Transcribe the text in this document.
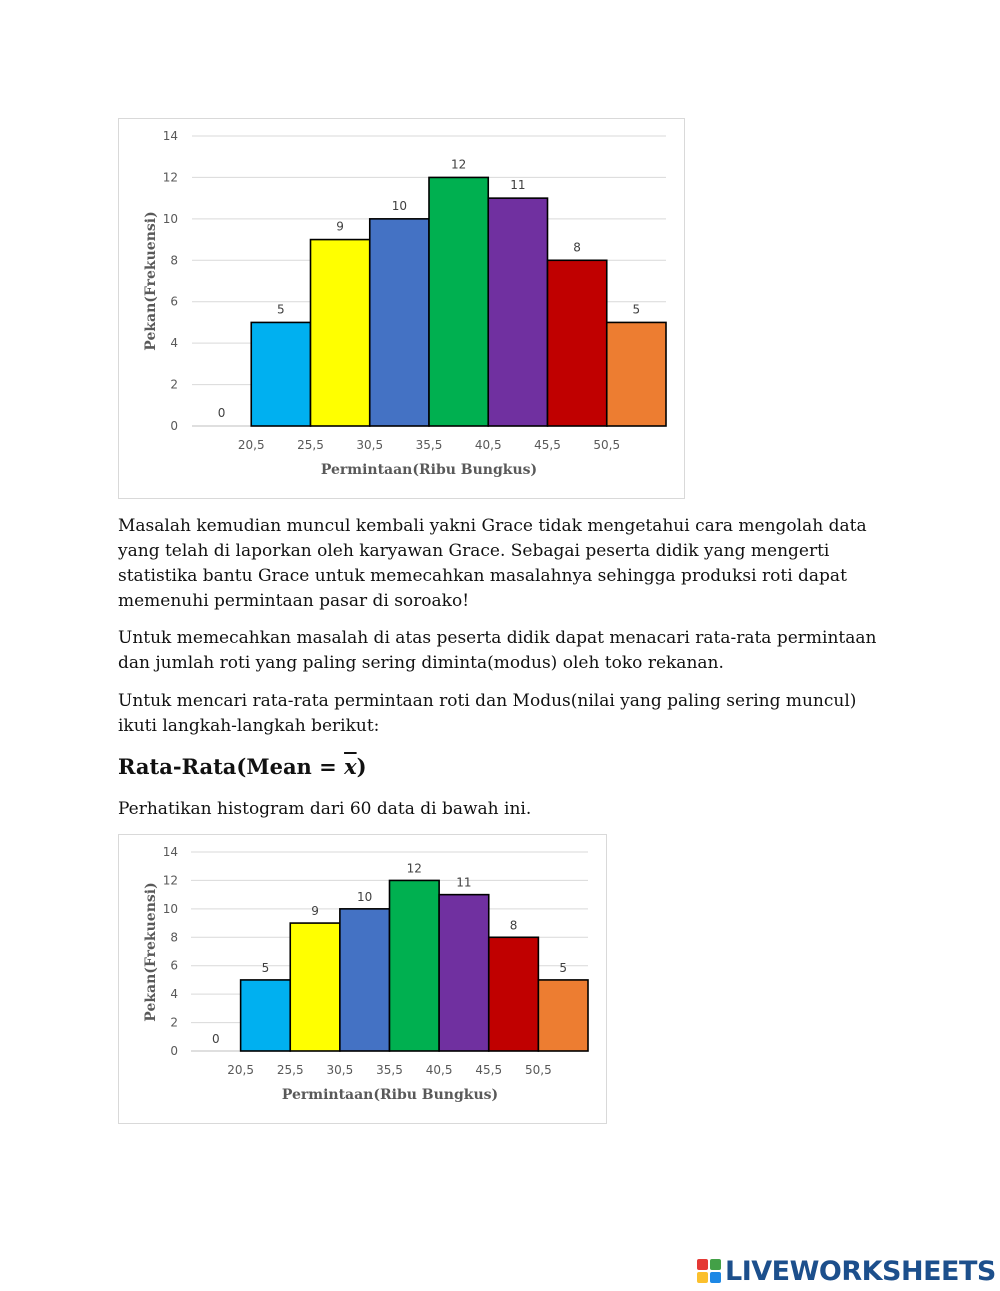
0
2
4
6
8
10
12
14
0
5
20,5
9
25,5
10
30,5
12
35,5
11
40,5
8
45,5
5
50,5
Permintaan(Ribu Bungkus)
Pekan(Frekuensi)

Masalah kemudian muncul kembali yakni Grace tidak mengetahui cara mengolah data yang telah di laporkan oleh karyawan Grace. Sebagai peserta didik yang mengerti statistika bantu Grace untuk memecahkan masalahnya sehingga produksi roti dapat memenuhi permintaan pasar di soroako!

Untuk memecahkan masalah di atas peserta didik dapat menacari rata-rata permintaan dan jumlah roti yang paling sering diminta(modus) oleh toko rekanan.

Untuk mencari rata-rata permintaan roti dan Modus(nilai yang paling sering muncul) ikuti langkah-langkah berikut:

Rata-Rata(Mean = x)

Perhatikan histogram dari 60 data di bawah ini.

0
2
4
6
8
10
12
14
0
5
20,5
9
25,5
10
30,5
12
35,5
11
40,5
8
45,5
5
50,5
Permintaan(Ribu Bungkus)
Pekan(Frekuensi)
LIVEWORKSHEETS
